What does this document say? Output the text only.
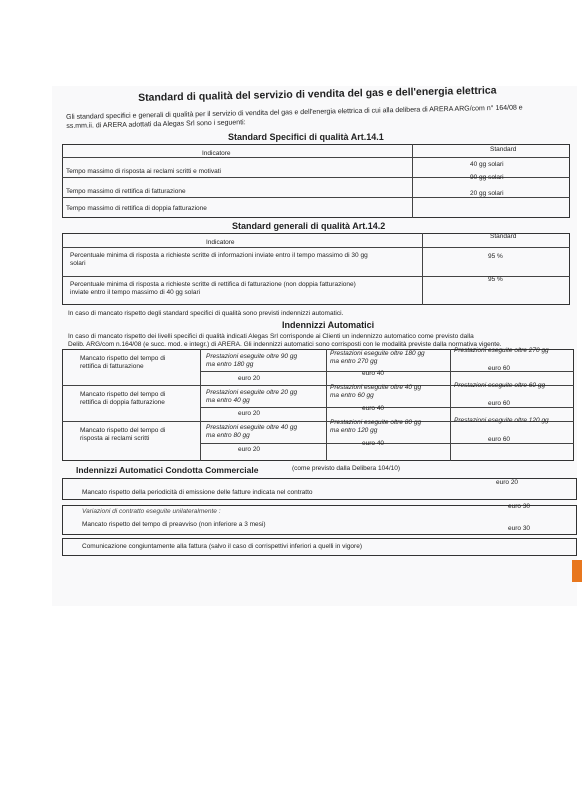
Standard di qualità del servizio di vendita del gas e dell'energia elettrica
Gli standard specifici e generali di qualità per il servizio di vendita del gas e dell'energia elettrica di cui alla delibera di ARERA ARG/com n° 164/08 e
ss.mm.ii. di ARERA adottati da Alegas Srl sono i seguenti:
Standard Specifici di qualità Art.14.1
Indicatore
Standard
Tempo massimo di risposta ai reclami scritti e motivati
40 gg solari
Tempo massimo di rettifica di fatturazione
90 gg solari
Tempo massimo di rettifica di doppia fatturazione
20 gg solari
Standard generali di qualità Art.14.2
Indicatore
Standard
Percentuale minima di risposta a richieste scritte di informazioni inviate entro il tempo massimo di 30 gg
solari
95 %
Percentuale minima di risposta a richieste scritte di rettifica di fatturazione (non doppia fatturazione)
inviate entro il tempo massimo di 40 gg solari
95 %
In caso di mancato rispetto degli standard specifici di qualità sono previsti indennizzi automatici.
Indennizzi Automatici
In caso di mancato rispetto dei livelli specifici di qualità indicati Alegas Srl corrisponde ai Clienti un indennizzo automatico come previsto dalla
Delib. ARG/com n.164/08 (e succ. mod. e integr.) di ARERA. Gli indennizzi automatici sono corrisposti con le modalità previste dalla normativa vigente.
Mancato rispetto del tempo di
rettifica di fatturazione
Prestazioni eseguite oltre 90 gg
ma entro 180 gg
euro 20
Prestazioni eseguite oltre 180 gg
ma entro 270 gg
euro 40
Prestazioni eseguite oltre 270 gg
euro 60
Mancato rispetto del tempo di
rettifica di doppia fatturazione
Prestazioni eseguite oltre 20 gg
ma entro 40 gg
euro 20
Prestazioni eseguite oltre 40 gg
ma entro 60 gg
euro 40
Prestazioni eseguite oltre 60 gg
euro 60
Mancato rispetto del tempo di
risposta ai reclami scritti
Prestazioni eseguite oltre 40 gg
ma entro 80 gg
euro 20
Prestazioni eseguite oltre 80 gg
ma entro 120 gg
euro 40
Prestazioni eseguite oltre 120 gg
euro 60
Indennizzi Automatici Condotta Commerciale	(come previsto dalla Delibera 104/10)
Mancato rispetto della periodicità di emissione delle fatture indicata nel contratto
euro 20
Variazioni di contratto eseguite unilateralmente :
Mancato rispetto del tempo di preavviso (non inferiore a 3 mesi)
euro 30
Comunicazione congiuntamente alla fattura (salvo il caso di corrispettivi inferiori a quelli in vigore)
euro 30
